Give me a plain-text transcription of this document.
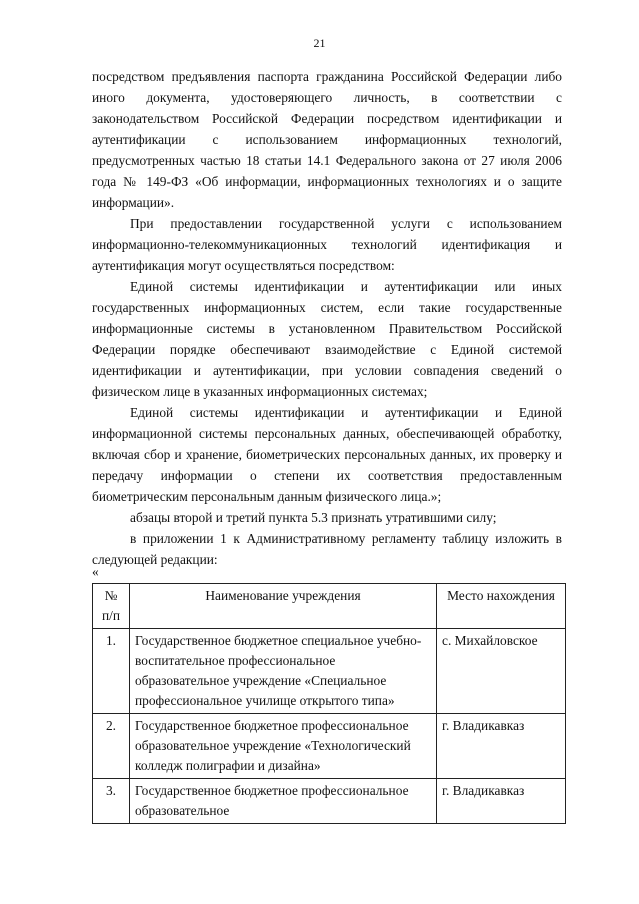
21

посредством предъявления паспорта гражданина Российской Федерации либо иного документа, удостоверяющего личность, в соответствии с законодательством Российской Федерации посредством идентификации и аутентификации с использованием информационных технологий, предусмотренных частью 18 статьи 14.1 Федерального закона от 27 июля 2006 года № 149-ФЗ «Об информации, информационных технологиях и о защите информации».

При предоставлении государственной услуги с использованием информационно-телекоммуникационных технологий идентификация и аутентификация могут осуществляться посредством:

Единой системы идентификации и аутентификации или иных государственных информационных систем, если такие государственные информационные системы в установленном Правительством Российской Федерации порядке обеспечивают взаимодействие с Единой системой идентификации и аутентификации, при условии совпадения сведений о физическом лице в указанных информационных системах;

Единой системы идентификации и аутентификации и Единой информационной системы персональных данных, обеспечивающей обработку, включая сбор и хранение, биометрических персональных данных, их проверку и передачу информации о степени их соответствия предоставленным биометрическим персональным данным физического лица.»;

абзацы второй и третий пункта 5.3 признать утратившими силу;

в приложении 1 к Административному регламенту таблицу изложить в следующей редакции:

«
№ п/п	Наименование учреждения	Место нахождения
1.	Государственное бюджетное специальное учебно-воспитательное профессиональное образовательное учреждение «Специальное профессиональное училище открытого типа»	с. Михайловское
2.	Государственное бюджетное профессиональное образовательное учреждение «Технологический колледж полиграфии и дизайна»	г. Владикавказ
3.	Государственное бюджетное профессиональное образовательное	г. Владикавказ
